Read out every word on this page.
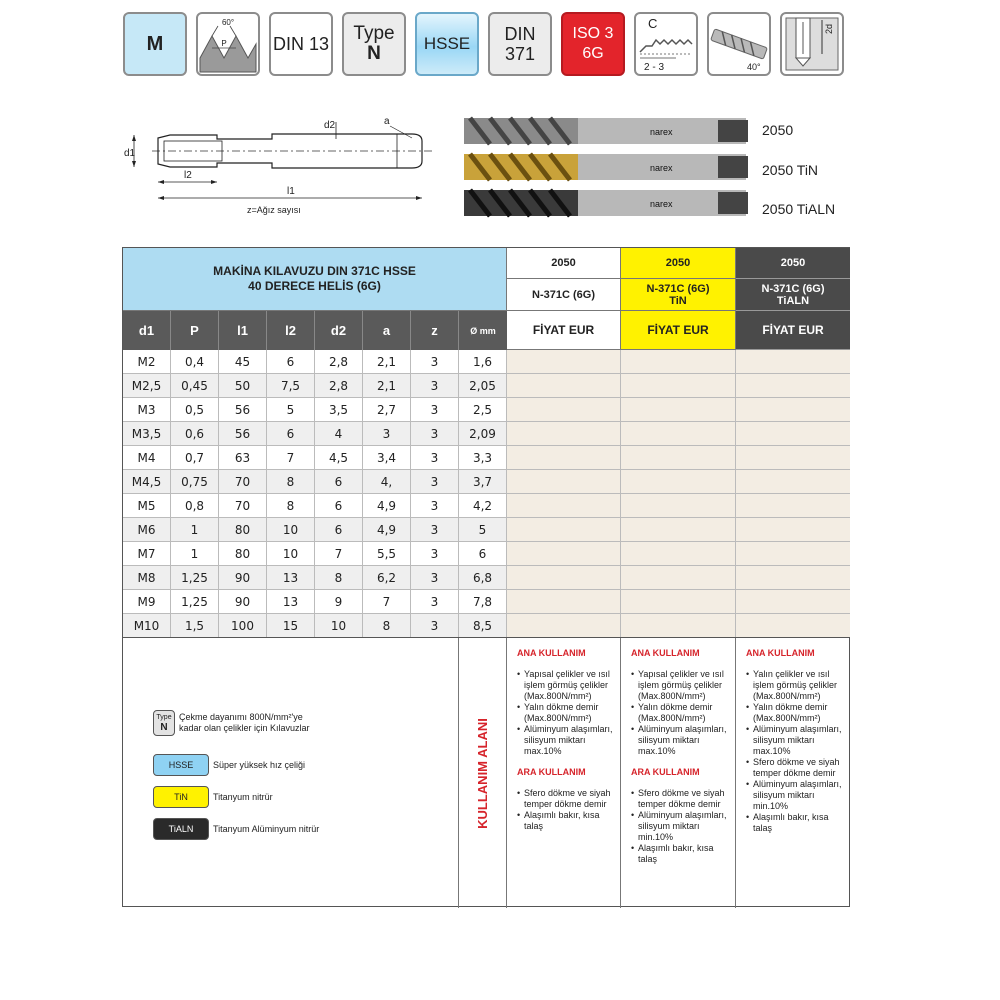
M
60°
P	DIN 13 Type
N	HSSE DIN
371
ISO 3
6G
C
2 - 3	40°
2d
d1
d2	a
l2
l1
z=Ağız sayısı
narex
narex
narex
2050
2050 TiN
2050 TiALN
MAKİNA KILAVUZU DIN 371C HSSE
40 DERECE HELİS (6G)
2050
N-371C (6G)
FİYAT EUR
2050
N-371C (6G)
TiN
FİYAT EUR
2050
N-371C (6G)
TiALN
FİYAT EUR
d1	P	l1	l2	d2	a	z	Ø mm
M2	0,4	45	6	2,8	2,1	3	1,6
M2,5	0,45	50	7,5	2,8	2,1	3	2,05
M3	0,5	56	5	3,5	2,7	3	2,5
M3,5	0,6	56	6	4	3	3	2,09
M4	0,7	63	7	4,5	3,4	3	3,3
M4,5	0,75	70	8	6	4,	3	3,7
M5	0,8	70	8	6	4,9	3	4,2
M6	1	80	10	6	4,9	3	5
M7	1	80	10	7	5,5	3	6
M8	1,25	90	13	8	6,2	3	6,8
M9	1,25	90	13	9	7	3	7,8
M10	1,5	100	15	10	8	3	8,5
Type
N
Çekme dayanımı 800N/mm²'ye
kadar olan çelikler için Kılavuzlar
HSSE	Süper yüksek hız çeliği
TiN	Titanyum nitrür
TiALN	Titanyum Alüminyum nitrür
KULLANIM ALANI
ANA KULLANIM
• Yapısal çelikler ve ısıl işlem görmüş çelikler (Max.800N/mm²)
• Yalın dökme demir (Max.800N/mm²)
• Alüminyum alaşımları, silisyum miktarı max.10%
ARA KULLANIM
• Sfero dökme ve siyah temper dökme demir
• Alaşımlı bakır, kısa talaş
ANA KULLANIM
• Yapısal çelikler ve ısıl işlem görmüş çelikler (Max.800N/mm²)
• Yalın dökme demir (Max.800N/mm²)
• Alüminyum alaşımları, silisyum miktarı max.10%
ARA KULLANIM
• Sfero dökme ve siyah temper dökme demir
• Alüminyum alaşımları, silisyum miktarı min.10%
• Alaşımlı bakır, kısa talaş
ANA KULLANIM
• Yalın çelikler ve ısıl işlem görmüş çelikler (Max.800N/mm²)
• Yalın dökme demir (Max.800N/mm²)
• Alüminyum alaşımları, silisyum miktarı max.10%
• Sfero dökme ve siyah temper dökme demir
• Alüminyum alaşımları, silisyum miktarı min.10%
• Alaşımlı bakır, kısa talaş
